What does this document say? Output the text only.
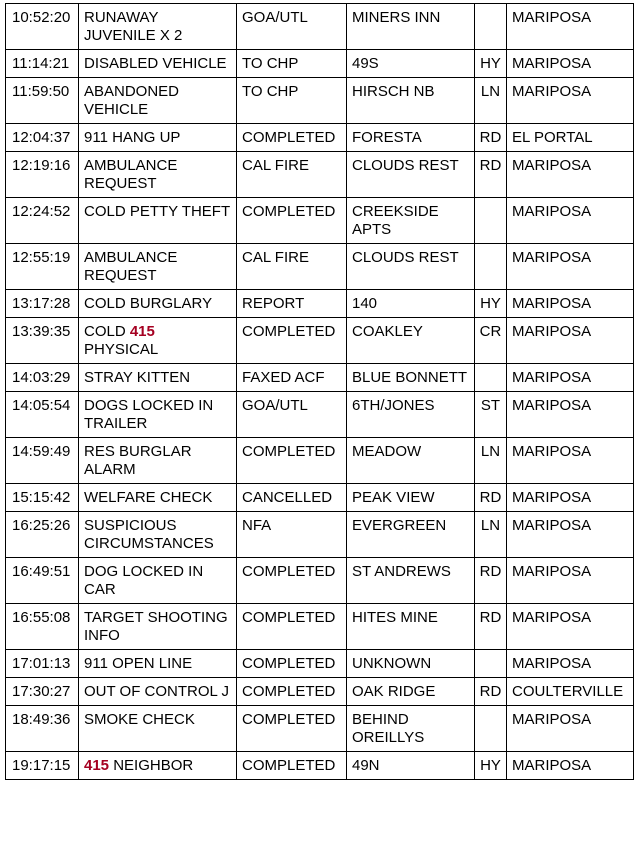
10:52:20	RUNAWAY JUVENILE X 2	GOA/UTL	MINERS INN		MARIPOSA
11:14:21	DISABLED VEHICLE	TO CHP	49S	HY	MARIPOSA
11:59:50	ABANDONED VEHICLE	TO CHP	HIRSCH NB	LN	MARIPOSA
12:04:37	911 HANG UP	COMPLETED	FORESTA	RD	EL PORTAL
12:19:16	AMBULANCE REQUEST	CAL FIRE	CLOUDS REST	RD	MARIPOSA
12:24:52	COLD PETTY THEFT	COMPLETED	CREEKSIDE APTS		MARIPOSA
12:55:19	AMBULANCE REQUEST	CAL FIRE	CLOUDS REST		MARIPOSA
13:17:28	COLD BURGLARY	REPORT	140	HY	MARIPOSA
13:39:35	COLD 415 PHYSICAL	COMPLETED	COAKLEY	CR	MARIPOSA
14:03:29	STRAY KITTEN	FAXED ACF	BLUE BONNETT		MARIPOSA
14:05:54	DOGS LOCKED IN TRAILER	GOA/UTL	6TH/JONES	ST	MARIPOSA
14:59:49	RES BURGLAR ALARM	COMPLETED	MEADOW	LN	MARIPOSA
15:15:42	WELFARE CHECK	CANCELLED	PEAK VIEW	RD	MARIPOSA
16:25:26	SUSPICIOUS CIRCUMSTANCES	NFA	EVERGREEN	LN	MARIPOSA
16:49:51	DOG LOCKED IN CAR	COMPLETED	ST ANDREWS	RD	MARIPOSA
16:55:08	TARGET SHOOTING INFO	COMPLETED	HITES MINE	RD	MARIPOSA
17:01:13	911 OPEN LINE	COMPLETED	UNKNOWN		MARIPOSA
17:30:27	OUT OF CONTROL J	COMPLETED	OAK RIDGE	RD	COULTERVILLE
18:49:36	SMOKE CHECK	COMPLETED	BEHIND OREILLYS		MARIPOSA
19:17:15	415 NEIGHBOR	COMPLETED	49N	HY	MARIPOSA
